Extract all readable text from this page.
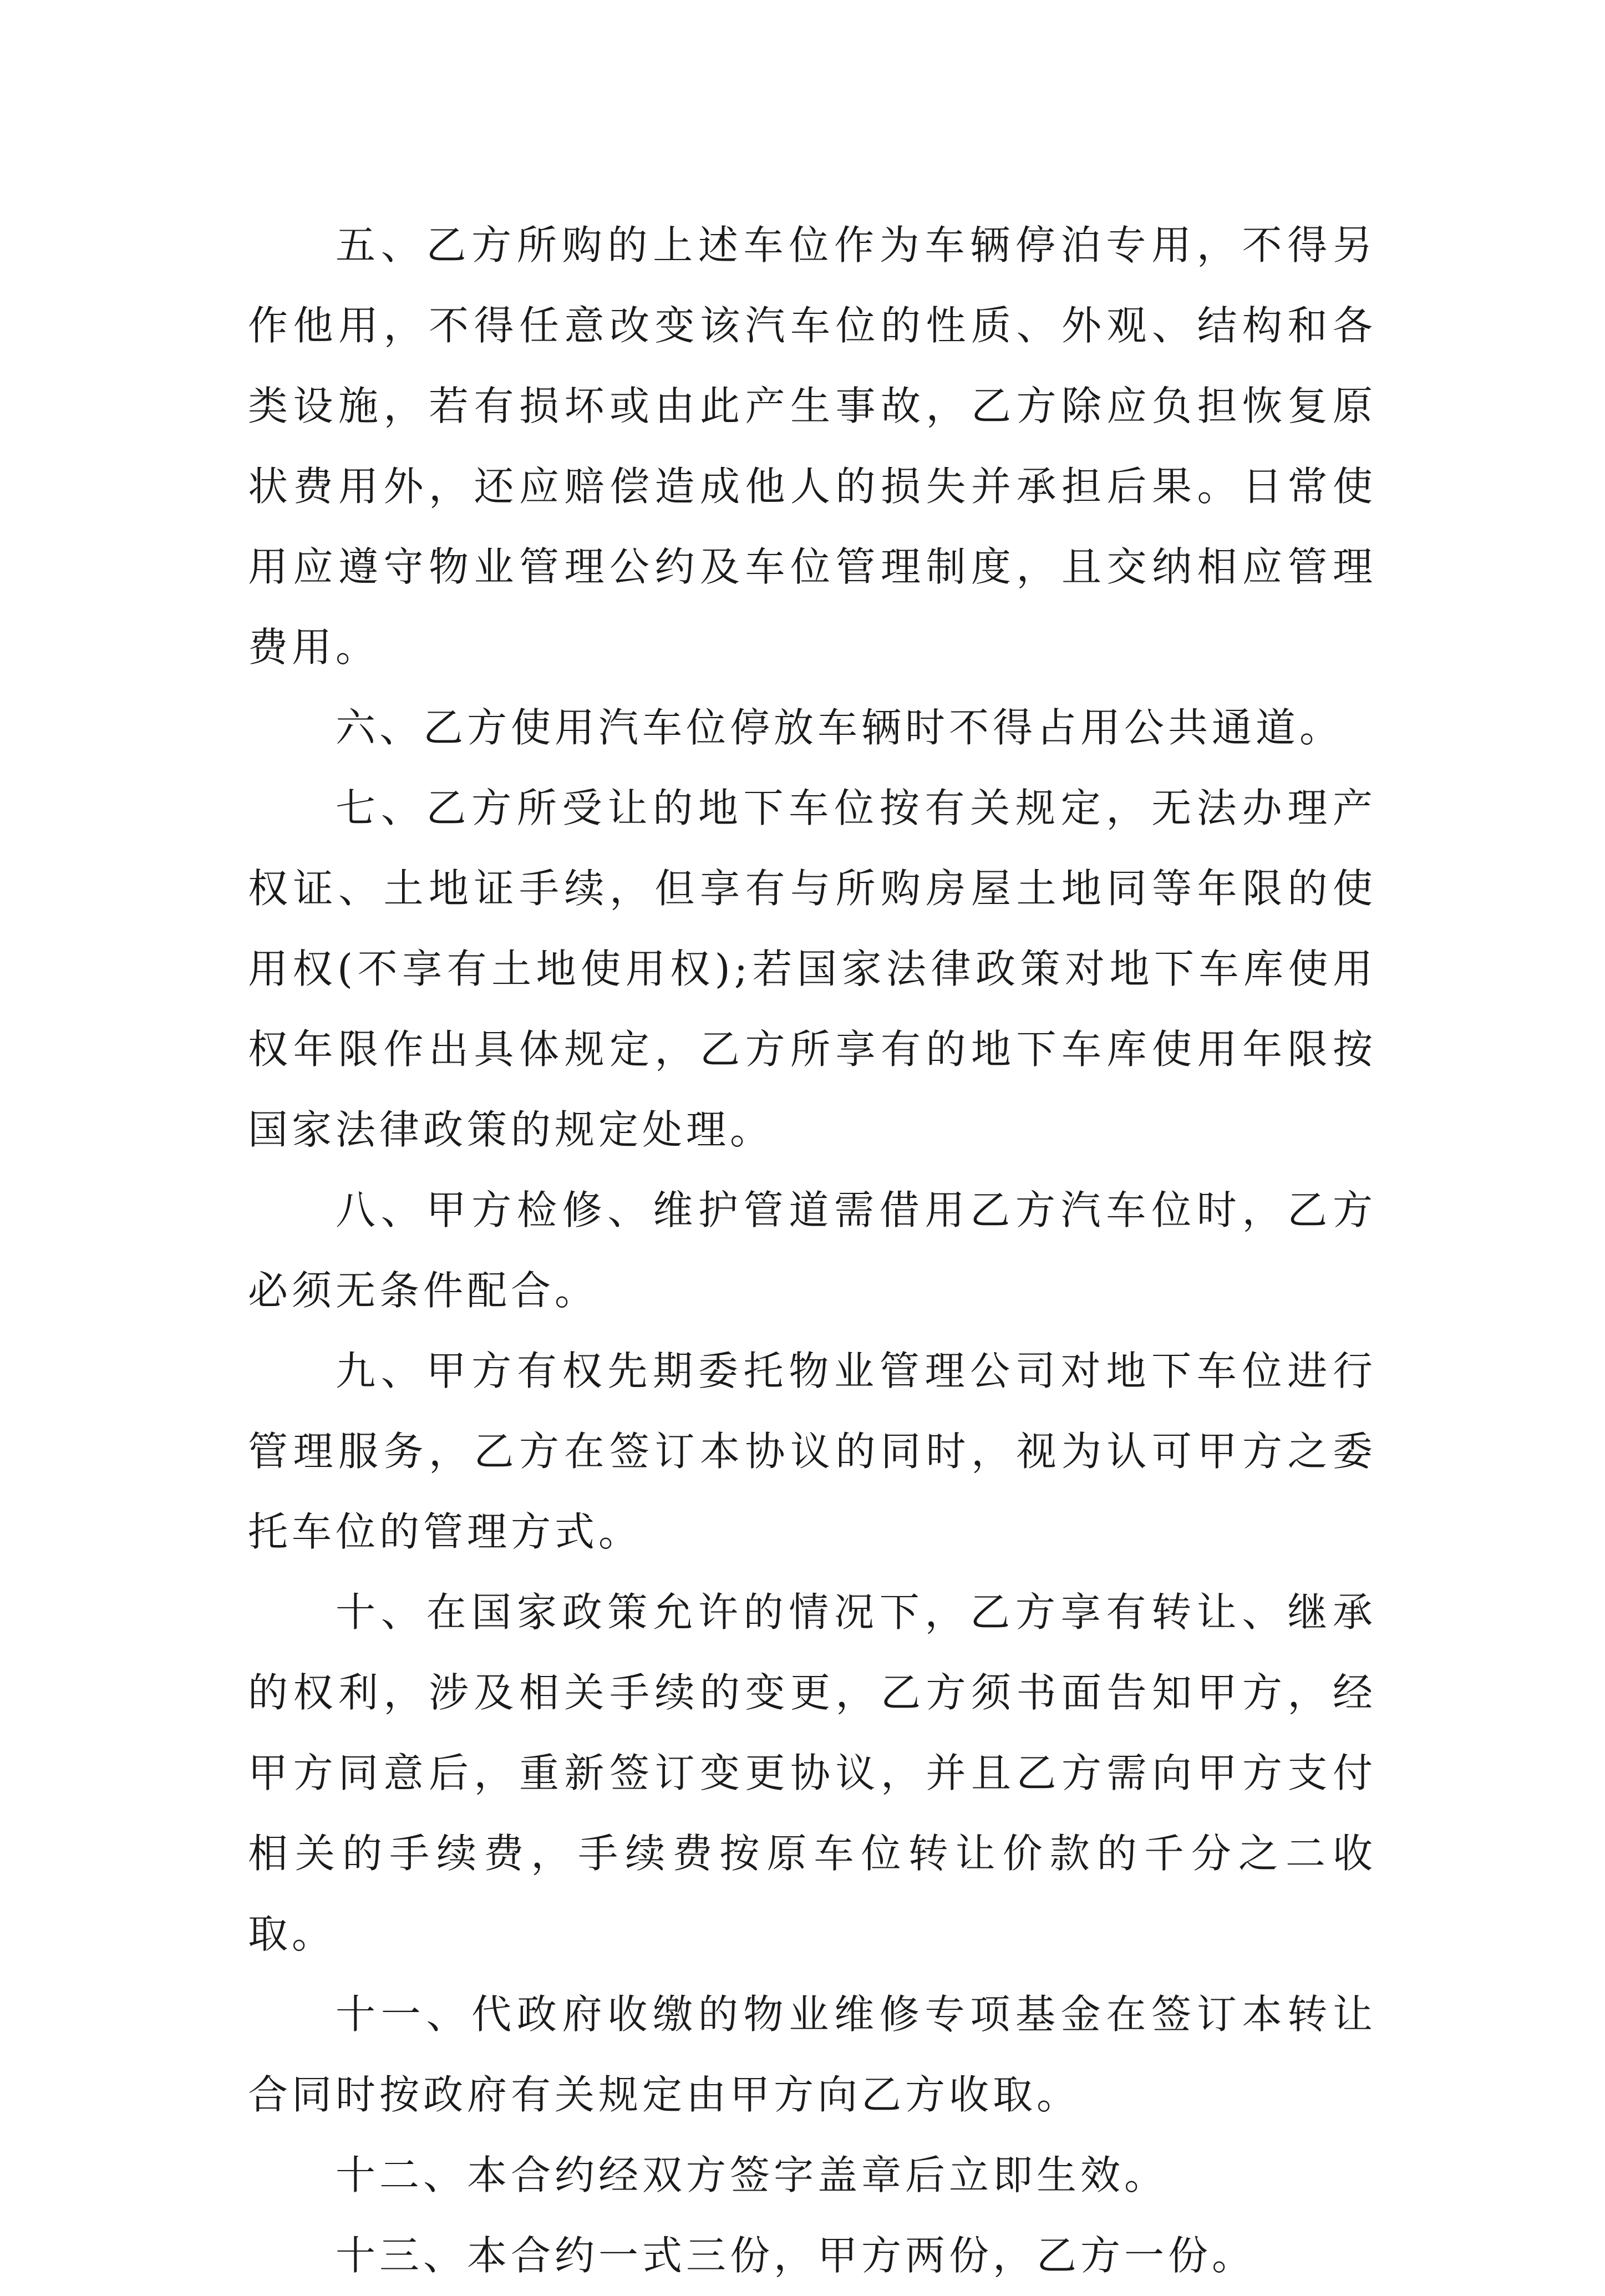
五、乙方所购的上述车位作为车辆停泊专用，不得另作他用，不得任意改变该汽车位的性质、外观、结构和各类设施，若有损坏或由此产生事故，乙方除应负担恢复原状费用外，还应赔偿造成他人的损失并承担后果。日常使用应遵守物业管理公约及车位管理制度，且交纳相应管理费用。

六、乙方使用汽车位停放车辆时不得占用公共通道。

七、乙方所受让的地下车位按有关规定，无法办理产权证、土地证手续，但享有与所购房屋土地同等年限的使用权(不享有土地使用权);若国家法律政策对地下车库使用权年限作出具体规定，乙方所享有的地下车库使用年限按国家法律政策的规定处理。

八、甲方检修、维护管道需借用乙方汽车位时，乙方必须无条件配合。

九、甲方有权先期委托物业管理公司对地下车位进行管理服务，乙方在签订本协议的同时，视为认可甲方之委托车位的管理方式。

十、在国家政策允许的情况下，乙方享有转让、继承的权利，涉及相关手续的变更，乙方须书面告知甲方，经甲方同意后，重新签订变更协议，并且乙方需向甲方支付相关的手续费，手续费按原车位转让价款的千分之二收取。

十一、代政府收缴的物业维修专项基金在签订本转让合同时按政府有关规定由甲方向乙方收取。

十二、本合约经双方签字盖章后立即生效。

十三、本合约一式三份，甲方两份，乙方一份。
